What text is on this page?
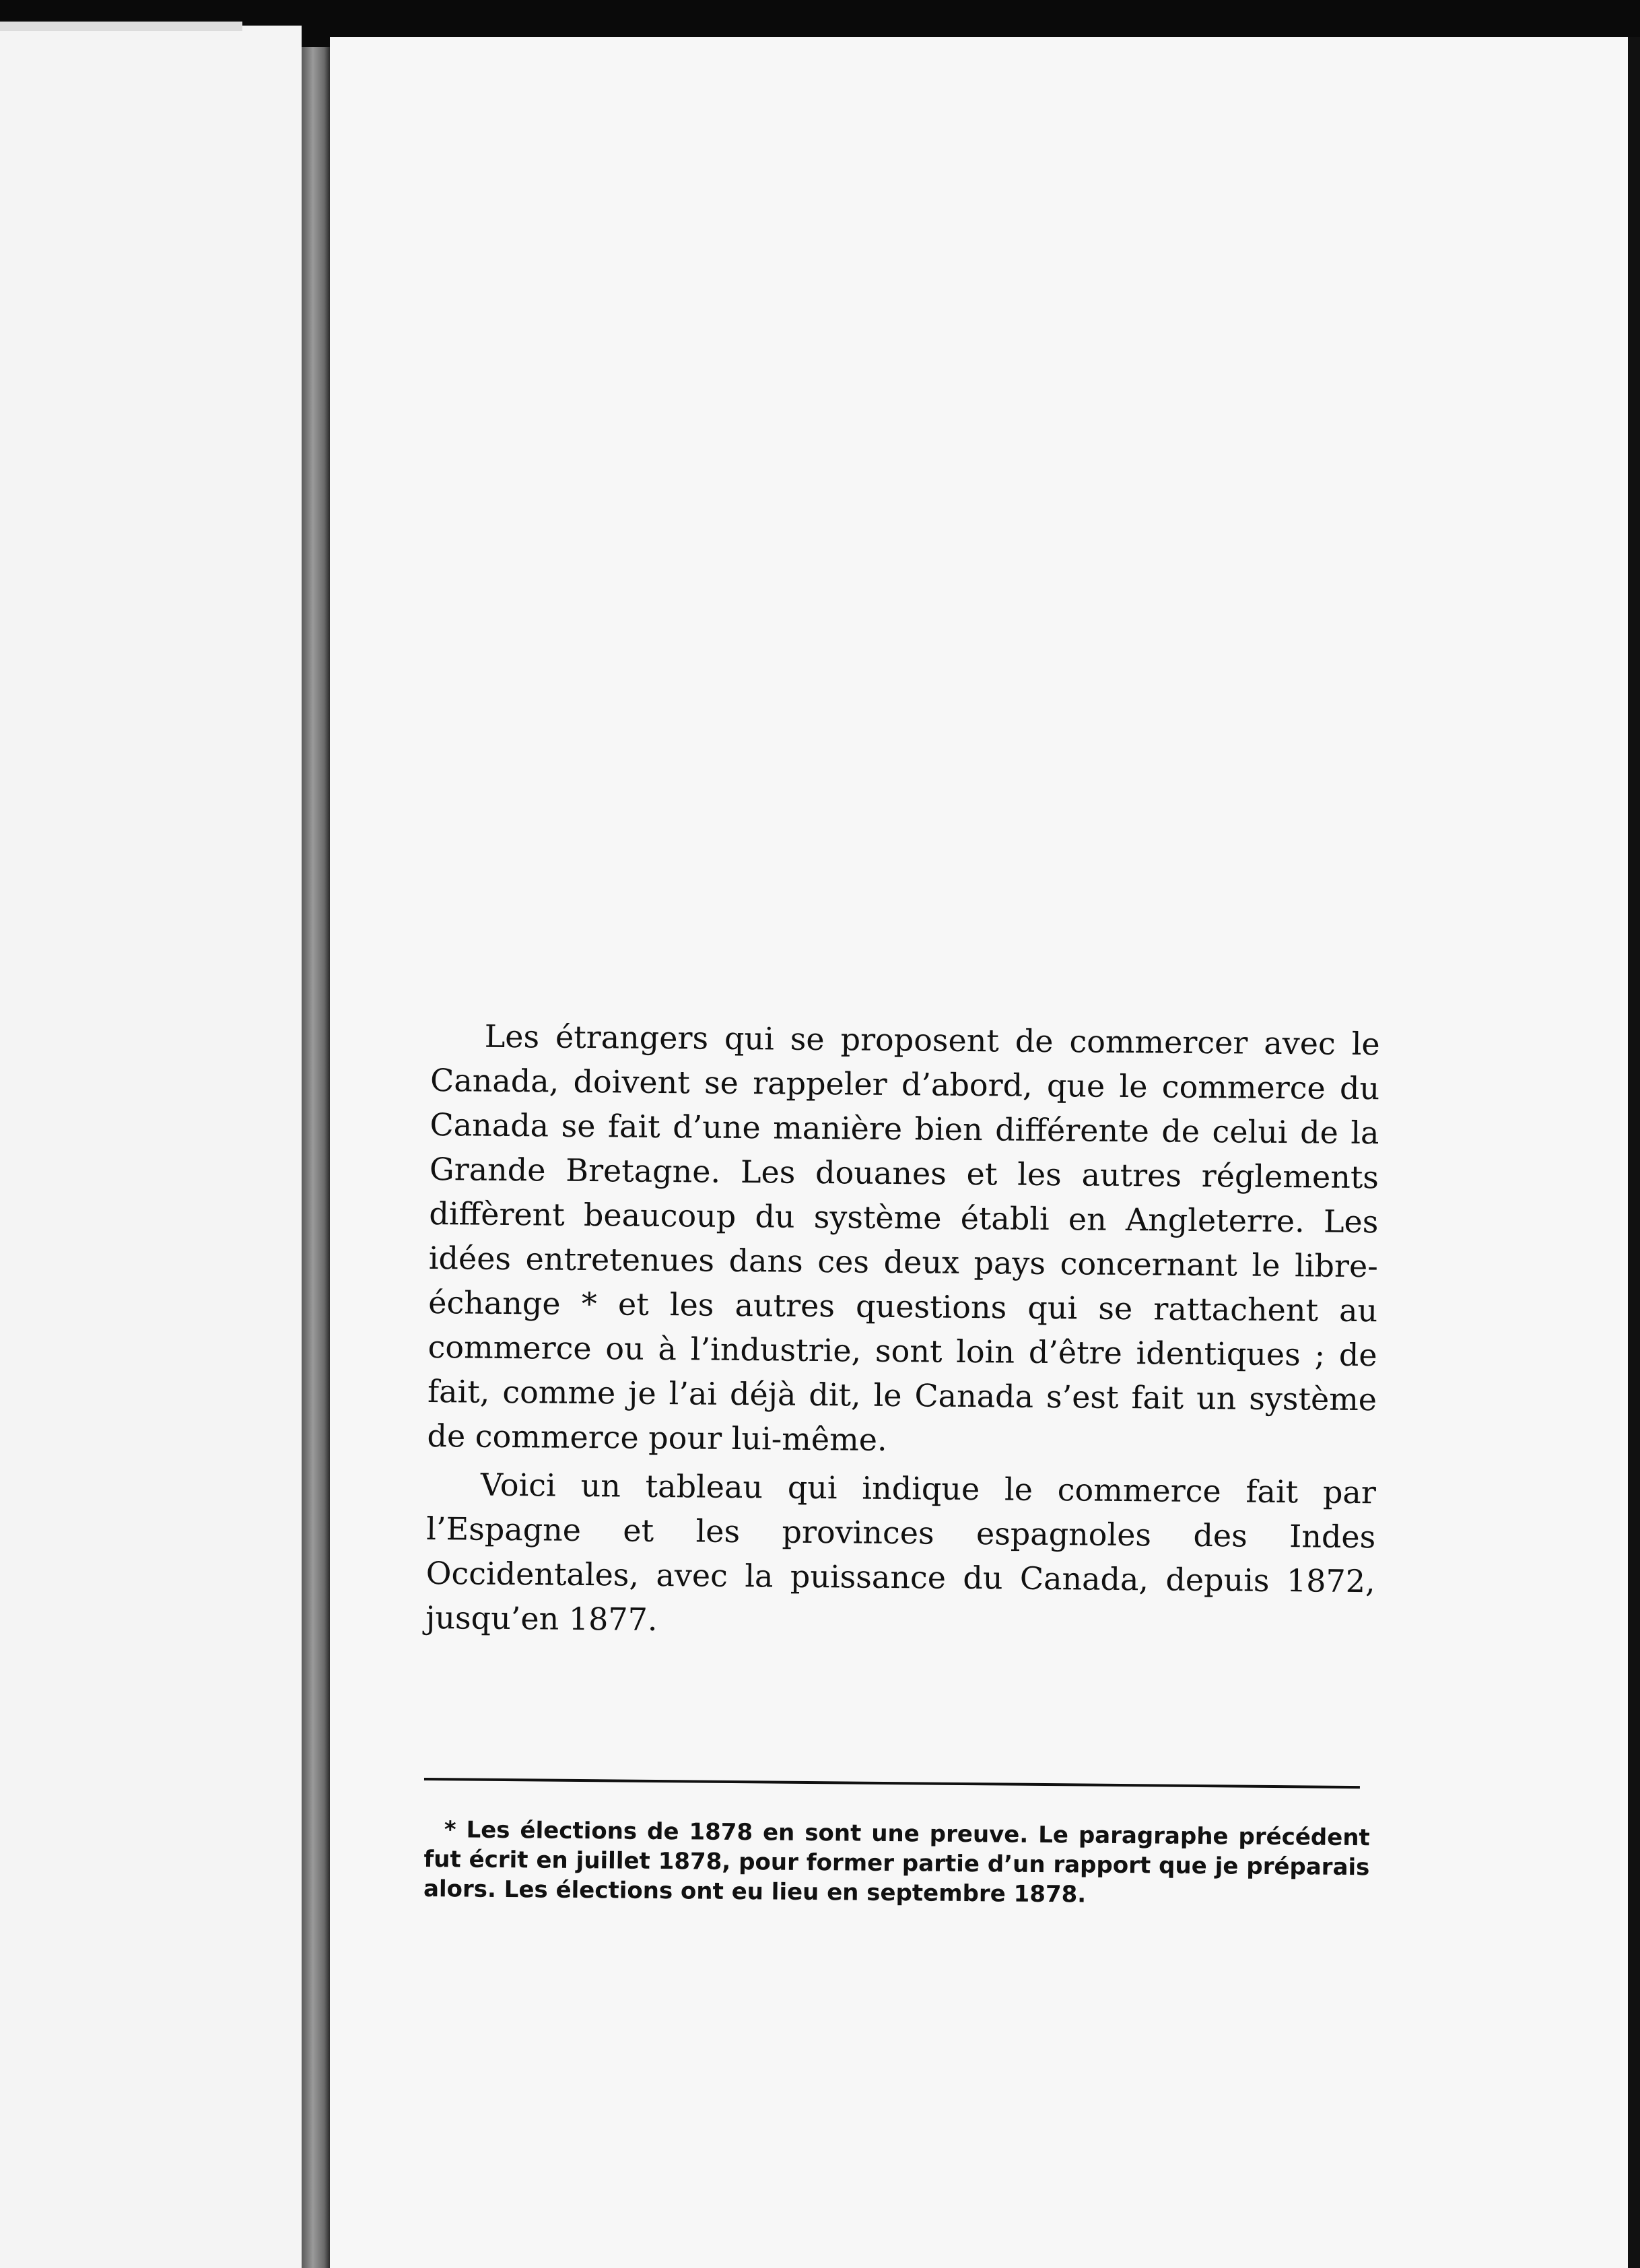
Les étrangers qui se proposent de commercer avec le Canada, doivent se rappeler d’abord, que le commerce du Canada se fait d’une manière bien différente de celui de la Grande Bretagne. Les douanes et les autres réglements diffèrent beaucoup du système établi en Angleterre. Les idées entretenues dans ces deux pays concernant le libre-échange * et les autres questions qui se rattachent au commerce ou à l’industrie, sont loin d’être identiques ; de fait, comme je l’ai déjà dit, le Canada s’est fait un système de commerce pour lui-même.

Voici un tableau qui indique le commerce fait par l’Espagne et les provinces espagnoles des Indes Occidentales, avec la puissance du Canada, depuis 1872, jusqu’en 1877.

* Les élections de 1878 en sont une preuve. Le paragraphe précédent fut écrit en juillet 1878, pour former partie d’un rapport que je préparais alors. Les élections ont eu lieu en septembre 1878.
